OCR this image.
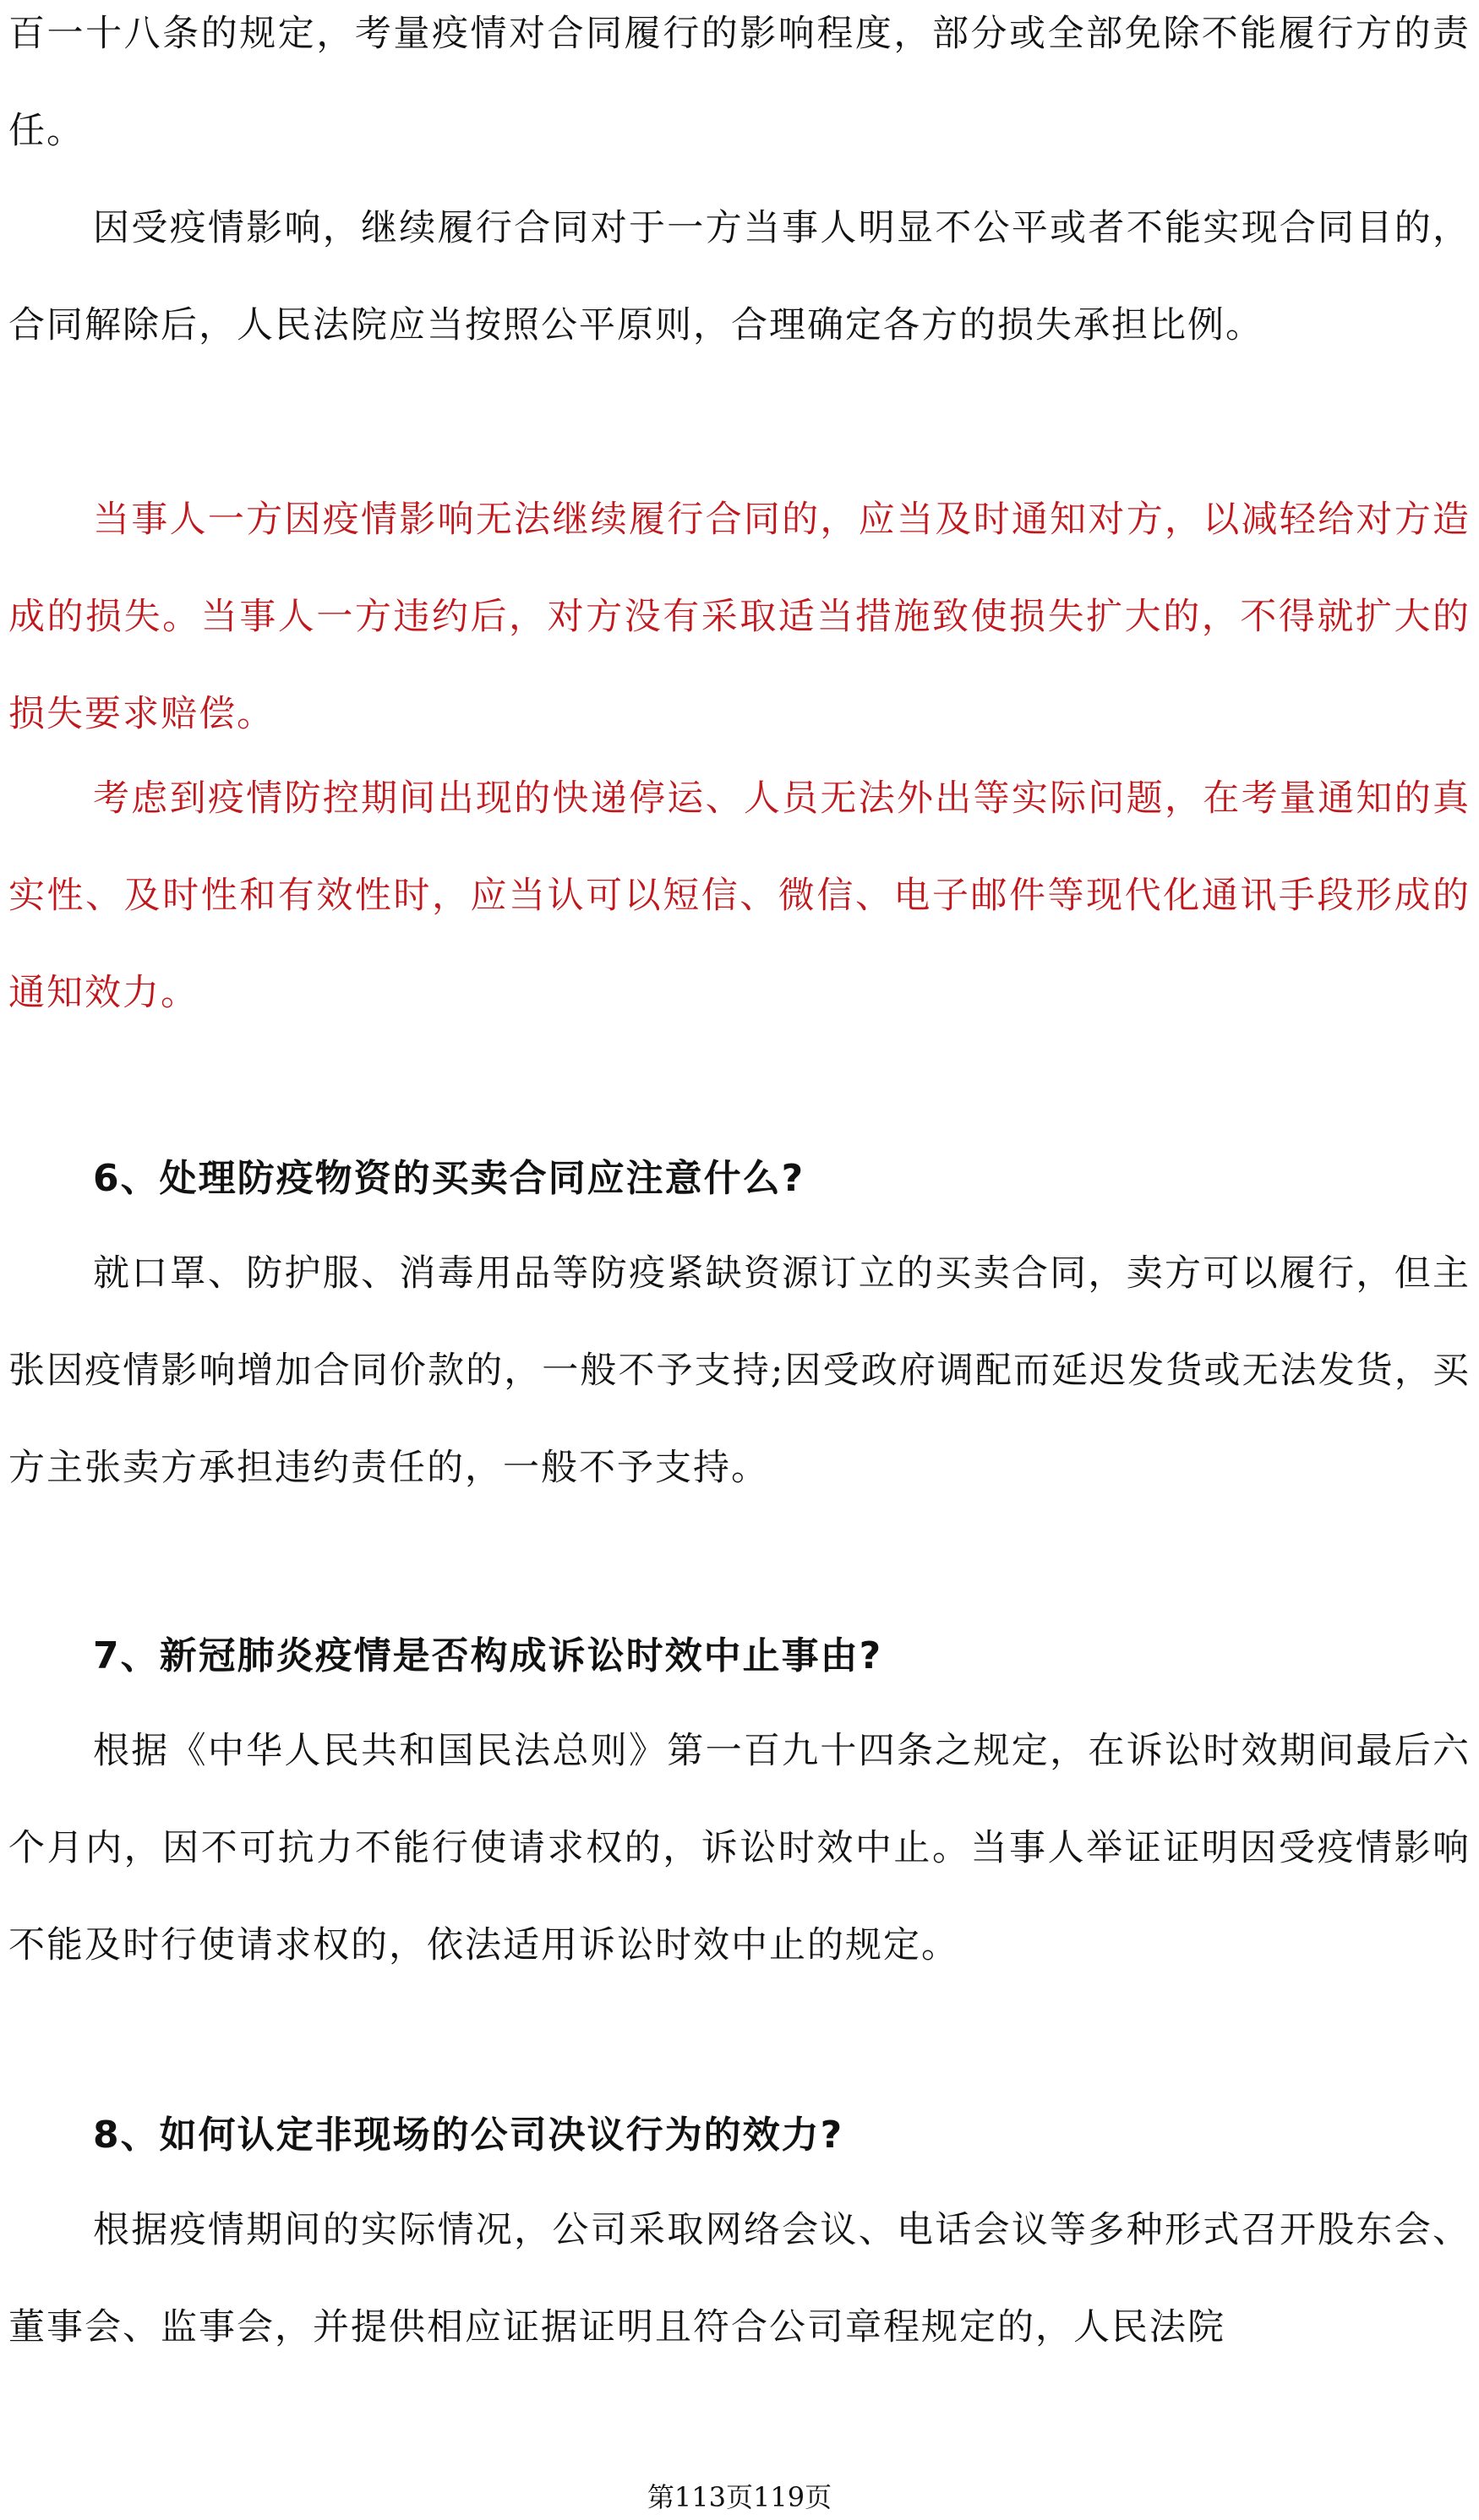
百一十八条的规定，考量疫情对合同履行的影响程度，部分或全部免除不能履行方的责任。
因受疫情影响，继续履行合同对于一方当事人明显不公平或者不能实现合同目的，合同解除后，人民法院应当按照公平原则，合理确定各方的损失承担比例。
当事人一方因疫情影响无法继续履行合同的，应当及时通知对方，以减轻给对方造成的损失。当事人一方违约后，对方没有采取适当措施致使损失扩大的，不得就扩大的损失要求赔偿。
考虑到疫情防控期间出现的快递停运、人员无法外出等实际问题，在考量通知的真实性、及时性和有效性时，应当认可以短信、微信、电子邮件等现代化通讯手段形成的通知效力。
6、处理防疫物资的买卖合同应注意什么?
就口罩、防护服、消毒用品等防疫紧缺资源订立的买卖合同，卖方可以履行，但主张因疫情影响增加合同价款的，一般不予支持;因受政府调配而延迟发货或无法发货，买方主张卖方承担违约责任的，一般不予支持。
7、新冠肺炎疫情是否构成诉讼时效中止事由?
根据《中华人民共和国民法总则》第一百九十四条之规定，在诉讼时效期间最后六个月内，因不可抗力不能行使请求权的，诉讼时效中止。当事人举证证明因受疫情影响不能及时行使请求权的，依法适用诉讼时效中止的规定。
8、如何认定非现场的公司决议行为的效力?
根据疫情期间的实际情况，公司采取网络会议、电话会议等多种形式召开股东会、董事会、监事会，并提供相应证据证明且符合公司章程规定的，人民法院
第113页119页
